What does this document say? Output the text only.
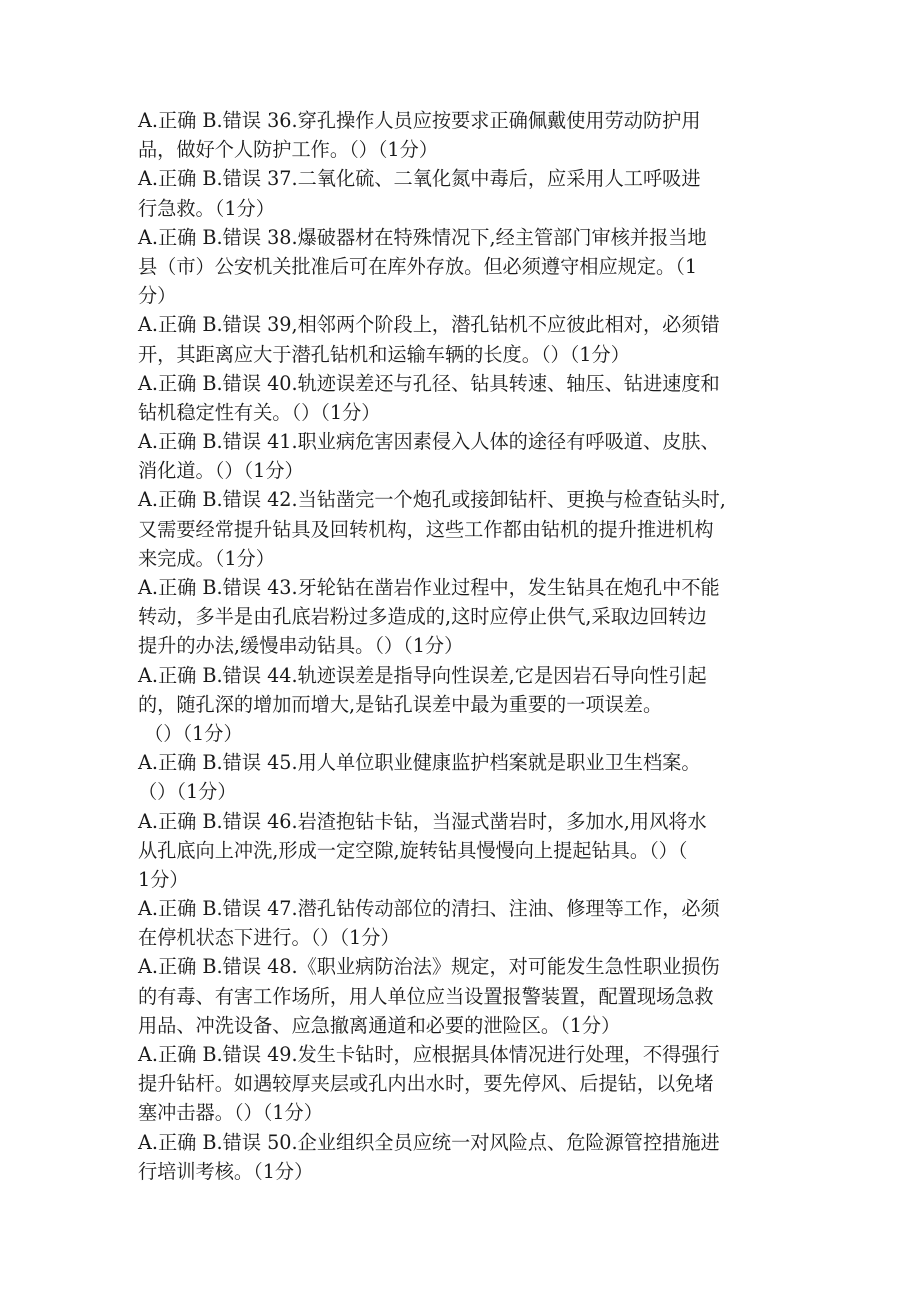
A.正确 B.错误 36.穿孔操作人员应按要求正确佩戴使用劳动防护用
品，做好个人防护工作。（）（1分）
A.正确 B.错误 37.二氧化硫、二氧化氮中毒后，应采用人工呼吸进
行急救。（1分）
A.正确 B.错误 38.爆破器材在特殊情况下,经主管部门审核并报当地
县（市）公安机关批准后可在库外存放。但必须遵守相应规定。（1
分）
A.正确 B.错误 39,相邻两个阶段上，潜孔钻机不应彼此相对，必须错
开，其距离应大于潜孔钻机和运输车辆的长度。（）（1分）
A.正确 B.错误 40.轨迹误差还与孔径、钻具转速、轴压、钻进速度和
钻机稳定性有关。（）（1分）
A.正确 B.错误 41.职业病危害因素侵入人体的途径有呼吸道、皮肤、
消化道。（）（1分）
A.正确 B.错误 42.当钻凿完一个炮孔或接卸钻杆、更换与检查钻头时,
又需要经常提升钻具及回转机构，这些工作都由钻机的提升推进机构
来完成。（1分）
A.正确 B.错误 43.牙轮钻在凿岩作业过程中，发生钻具在炮孔中不能
转动，多半是由孔底岩粉过多造成的,这时应停止供气,采取边回转边
提升的办法,缓慢串动钻具。（）（1分）
A.正确 B.错误 44.轨迹误差是指导向性误差,它是因岩石导向性引起
的，随孔深的增加而增大,是钻孔误差中最为重要的一项误差。
（）（1分）
A.正确 B.错误 45.用人单位职业健康监护档案就是职业卫生档案。
（）（1分）
A.正确 B.错误 46.岩渣抱钻卡钻，当湿式凿岩时，多加水,用风将水
从孔底向上冲洗,形成一定空隙,旋转钻具慢慢向上提起钻具。（）（
1分）
A.正确 B.错误 47.潜孔钻传动部位的清扫、注油、修理等工作，必须
在停机状态下进行。（）（1分）
A.正确 B.错误 48.《职业病防治法》规定，对可能发生急性职业损伤
的有毒、有害工作场所，用人单位应当设置报警装置，配置现场急救
用品、冲洗设备、应急撤离通道和必要的泄险区。（1分）
A.正确 B.错误 49.发生卡钻时，应根据具体情况进行处理，不得强行
提升钻杆。如遇较厚夹层或孔内出水时，要先停风、后提钻，以免堵
塞冲击器。（）（1分）
A.正确 B.错误 50.企业组织全员应统一对风险点、危险源管控措施进
行培训考核。（1分）
